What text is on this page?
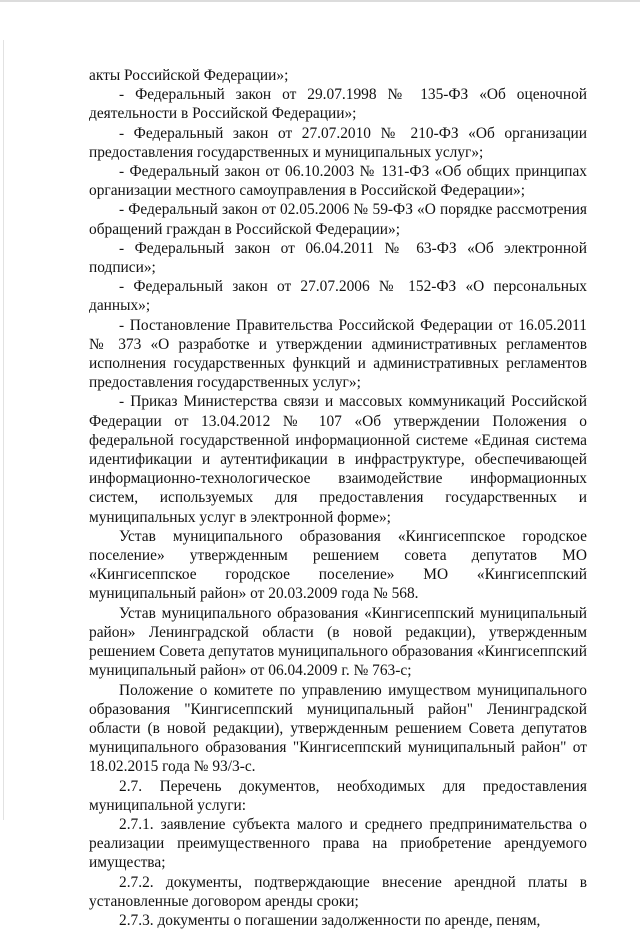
акты Российской Федерации»;

- Федеральный закон от 29.07.1998 № 135-ФЗ «Об оценочной деятельности в Российской Федерации»;

- Федеральный закон от 27.07.2010 № 210-ФЗ «Об организации предоставления государственных и муниципальных услуг»;

- Федеральный закон от 06.10.2003 № 131-ФЗ «Об общих принципах организации местного самоуправления в Российской Федерации»;

- Федеральный закон от 02.05.2006 № 59-ФЗ «О порядке рассмотрения обращений граждан в Российской Федерации»;

- Федеральный закон от 06.04.2011 № 63-ФЗ «Об электронной подписи»;

- Федеральный закон от 27.07.2006 № 152-ФЗ «О персональных данных»;

- Постановление Правительства Российской Федерации от 16.05.2011 № 373 «О разработке и утверждении административных регламентов исполнения государственных функций и административных регламентов предоставления государственных услуг»;

- Приказ Министерства связи и массовых коммуникаций Российской Федерации от 13.04.2012 № 107 «Об утверждении Положения о федеральной государственной информационной системе «Единая система идентификации и аутентификации в инфраструктуре, обеспечивающей информационно-технологическое взаимодействие информационных систем, используемых для предоставления государственных и муниципальных услуг в электронной форме»;

Устав муниципального образования «Кингисеппское городское поселение» утвержденным решением совета депутатов МО «Кингисеппское городское поселение» МО «Кингисеппский муниципальный район» от 20.03.2009 года № 568.

Устав муниципального образования «Кингисеппский муниципальный район» Ленинградской области (в новой редакции), утвержденным решением Совета депутатов муниципального образования «Кингисеппский муниципальный район» от 06.04.2009 г. № 763-с;

Положение о комитете по управлению имуществом муниципального образования "Кингисеппский муниципальный район" Ленинградской области (в новой редакции), утвержденным решением Совета депутатов муниципального образования "Кингисеппский муниципальный район" от 18.02.2015 года № 93/3-с.

2.7. Перечень документов, необходимых для предоставления муниципальной услуги:

2.7.1. заявление субъекта малого и среднего предпринимательства о реализации преимущественного права на приобретение арендуемого имущества;

2.7.2. документы, подтверждающие внесение арендной платы в установленные договором аренды сроки;

2.7.3. документы о погашении задолженности по аренде, пеням,
